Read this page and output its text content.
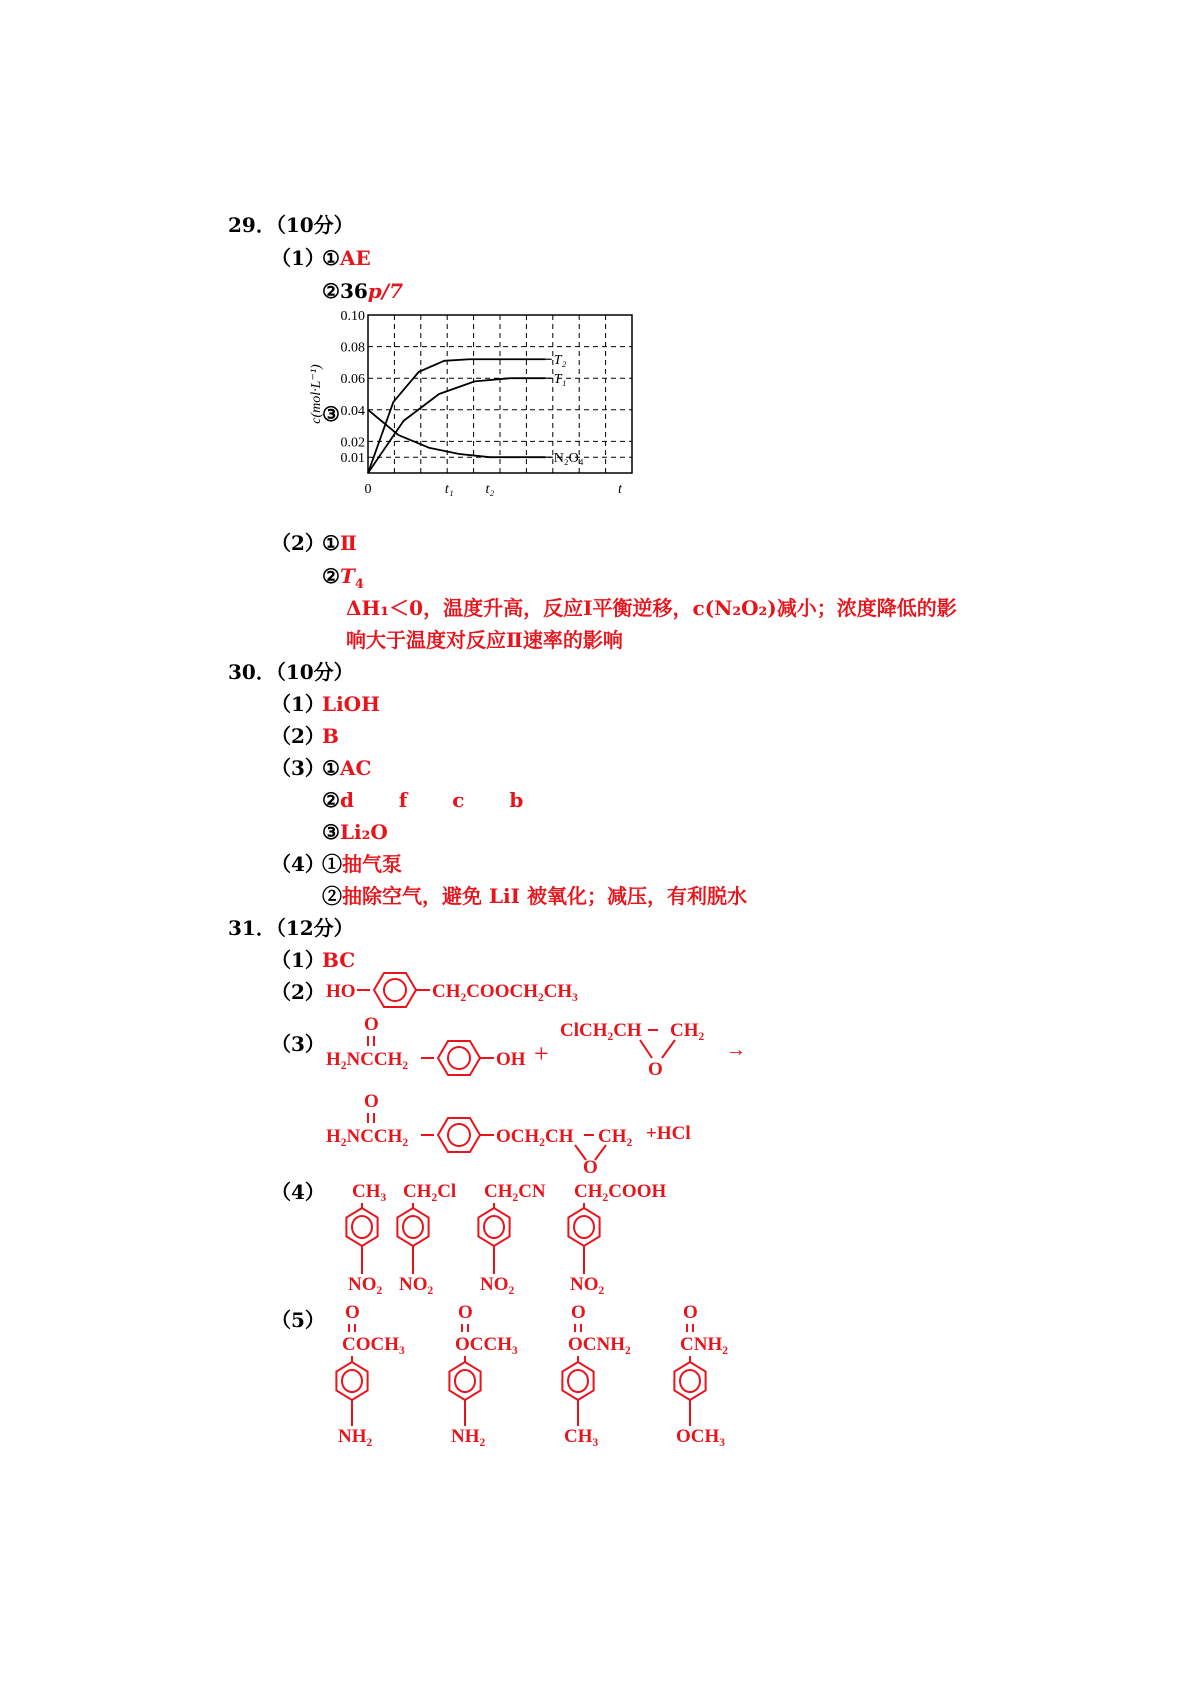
29．（10分）
（1）
①AE
②36p/7
③
0.10
0.08
0.06
0.04
0.02
0.01
c(mol·L⁻¹)
0	t₁ t₂	t
T₂
T₁
N₂O₄
（2）
①Ⅱ
$②T_4$
ΔH₁＜0，温度升高，反应Ⅰ平衡逆移，c(N₂O₂)减小；浓度降低的影
响大于温度对反应Ⅱ速率的影响
30．（10分）
（1）
LiOH
（2）
B
（3）
①AC
②d   f   c   b
③Li₂O
（4）
①抽气泵
②抽除空气，避免 LiI 被氧化；减压，有利脱水
31．（12分）
（1）
BC
（2）
（3）
（4）
（5）
HO	CH₂COOCH₂CH₃
O
H₂NCCH₂	OH +
ClCH₂CH CH₂
O
→
O
H₂NCCH₂	OCH₂CH CH₂
O
+HCl
CH₃
NO₂
CH₂Cl
NO₂
CH₂CN
NO₂
CH₂COOH
NO₂
O
COCH₃
NH₂
O
OCCH₃
NH₂
O
OCNH₂
CH₃
O
CNH₂
OCH₃
